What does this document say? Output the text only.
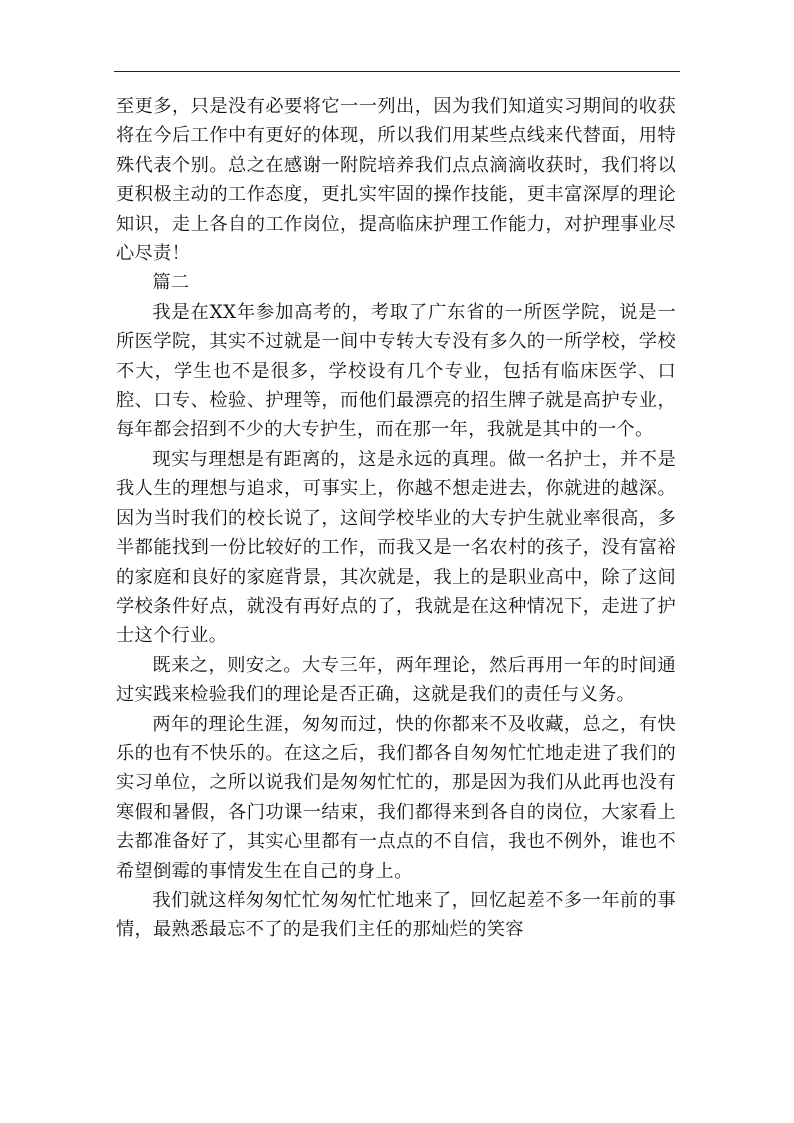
至更多，只是没有必要将它一一列出，因为我们知道实习期间的收获将在今后工作中有更好的体现，所以我们用某些点线来代替面，用特殊代表个别。总之在感谢一附院培养我们点点滴滴收获时，我们将以更积极主动的工作态度，更扎实牢固的操作技能，更丰富深厚的理论知识，走上各自的工作岗位，提高临床护理工作能力，对护理事业尽心尽责！

篇二

我是在XX年参加高考的，考取了广东省的一所医学院，说是一所医学院，其实不过就是一间中专转大专没有多久的一所学校，学校不大，学生也不是很多，学校设有几个专业，包括有临床医学、口腔、口专、检验、护理等，而他们最漂亮的招生牌子就是高护专业，每年都会招到不少的大专护生，而在那一年，我就是其中的一个。

现实与理想是有距离的，这是永远的真理。做一名护士，并不是我人生的理想与追求，可事实上，你越不想走进去，你就进的越深。因为当时我们的校长说了，这间学校毕业的大专护生就业率很高，多半都能找到一份比较好的工作，而我又是一名农村的孩子，没有富裕的家庭和良好的家庭背景，其次就是，我上的是职业高中，除了这间学校条件好点，就没有再好点的了，我就是在这种情况下，走进了护士这个行业。

既来之，则安之。大专三年，两年理论，然后再用一年的时间通过实践来检验我们的理论是否正确，这就是我们的责任与义务。

两年的理论生涯，匆匆而过，快的你都来不及收藏，总之，有快乐的也有不快乐的。在这之后，我们都各自匆匆忙忙地走进了我们的实习单位，之所以说我们是匆匆忙忙的，那是因为我们从此再也没有寒假和暑假，各门功课一结束，我们都得来到各自的岗位，大家看上去都准备好了，其实心里都有一点点的不自信，我也不例外，谁也不希望倒霉的事情发生在自己的身上。

我们就这样匆匆忙忙匆匆忙忙地来了，回忆起差不多一年前的事情，最熟悉最忘不了的是我们主任的那灿烂的笑容
